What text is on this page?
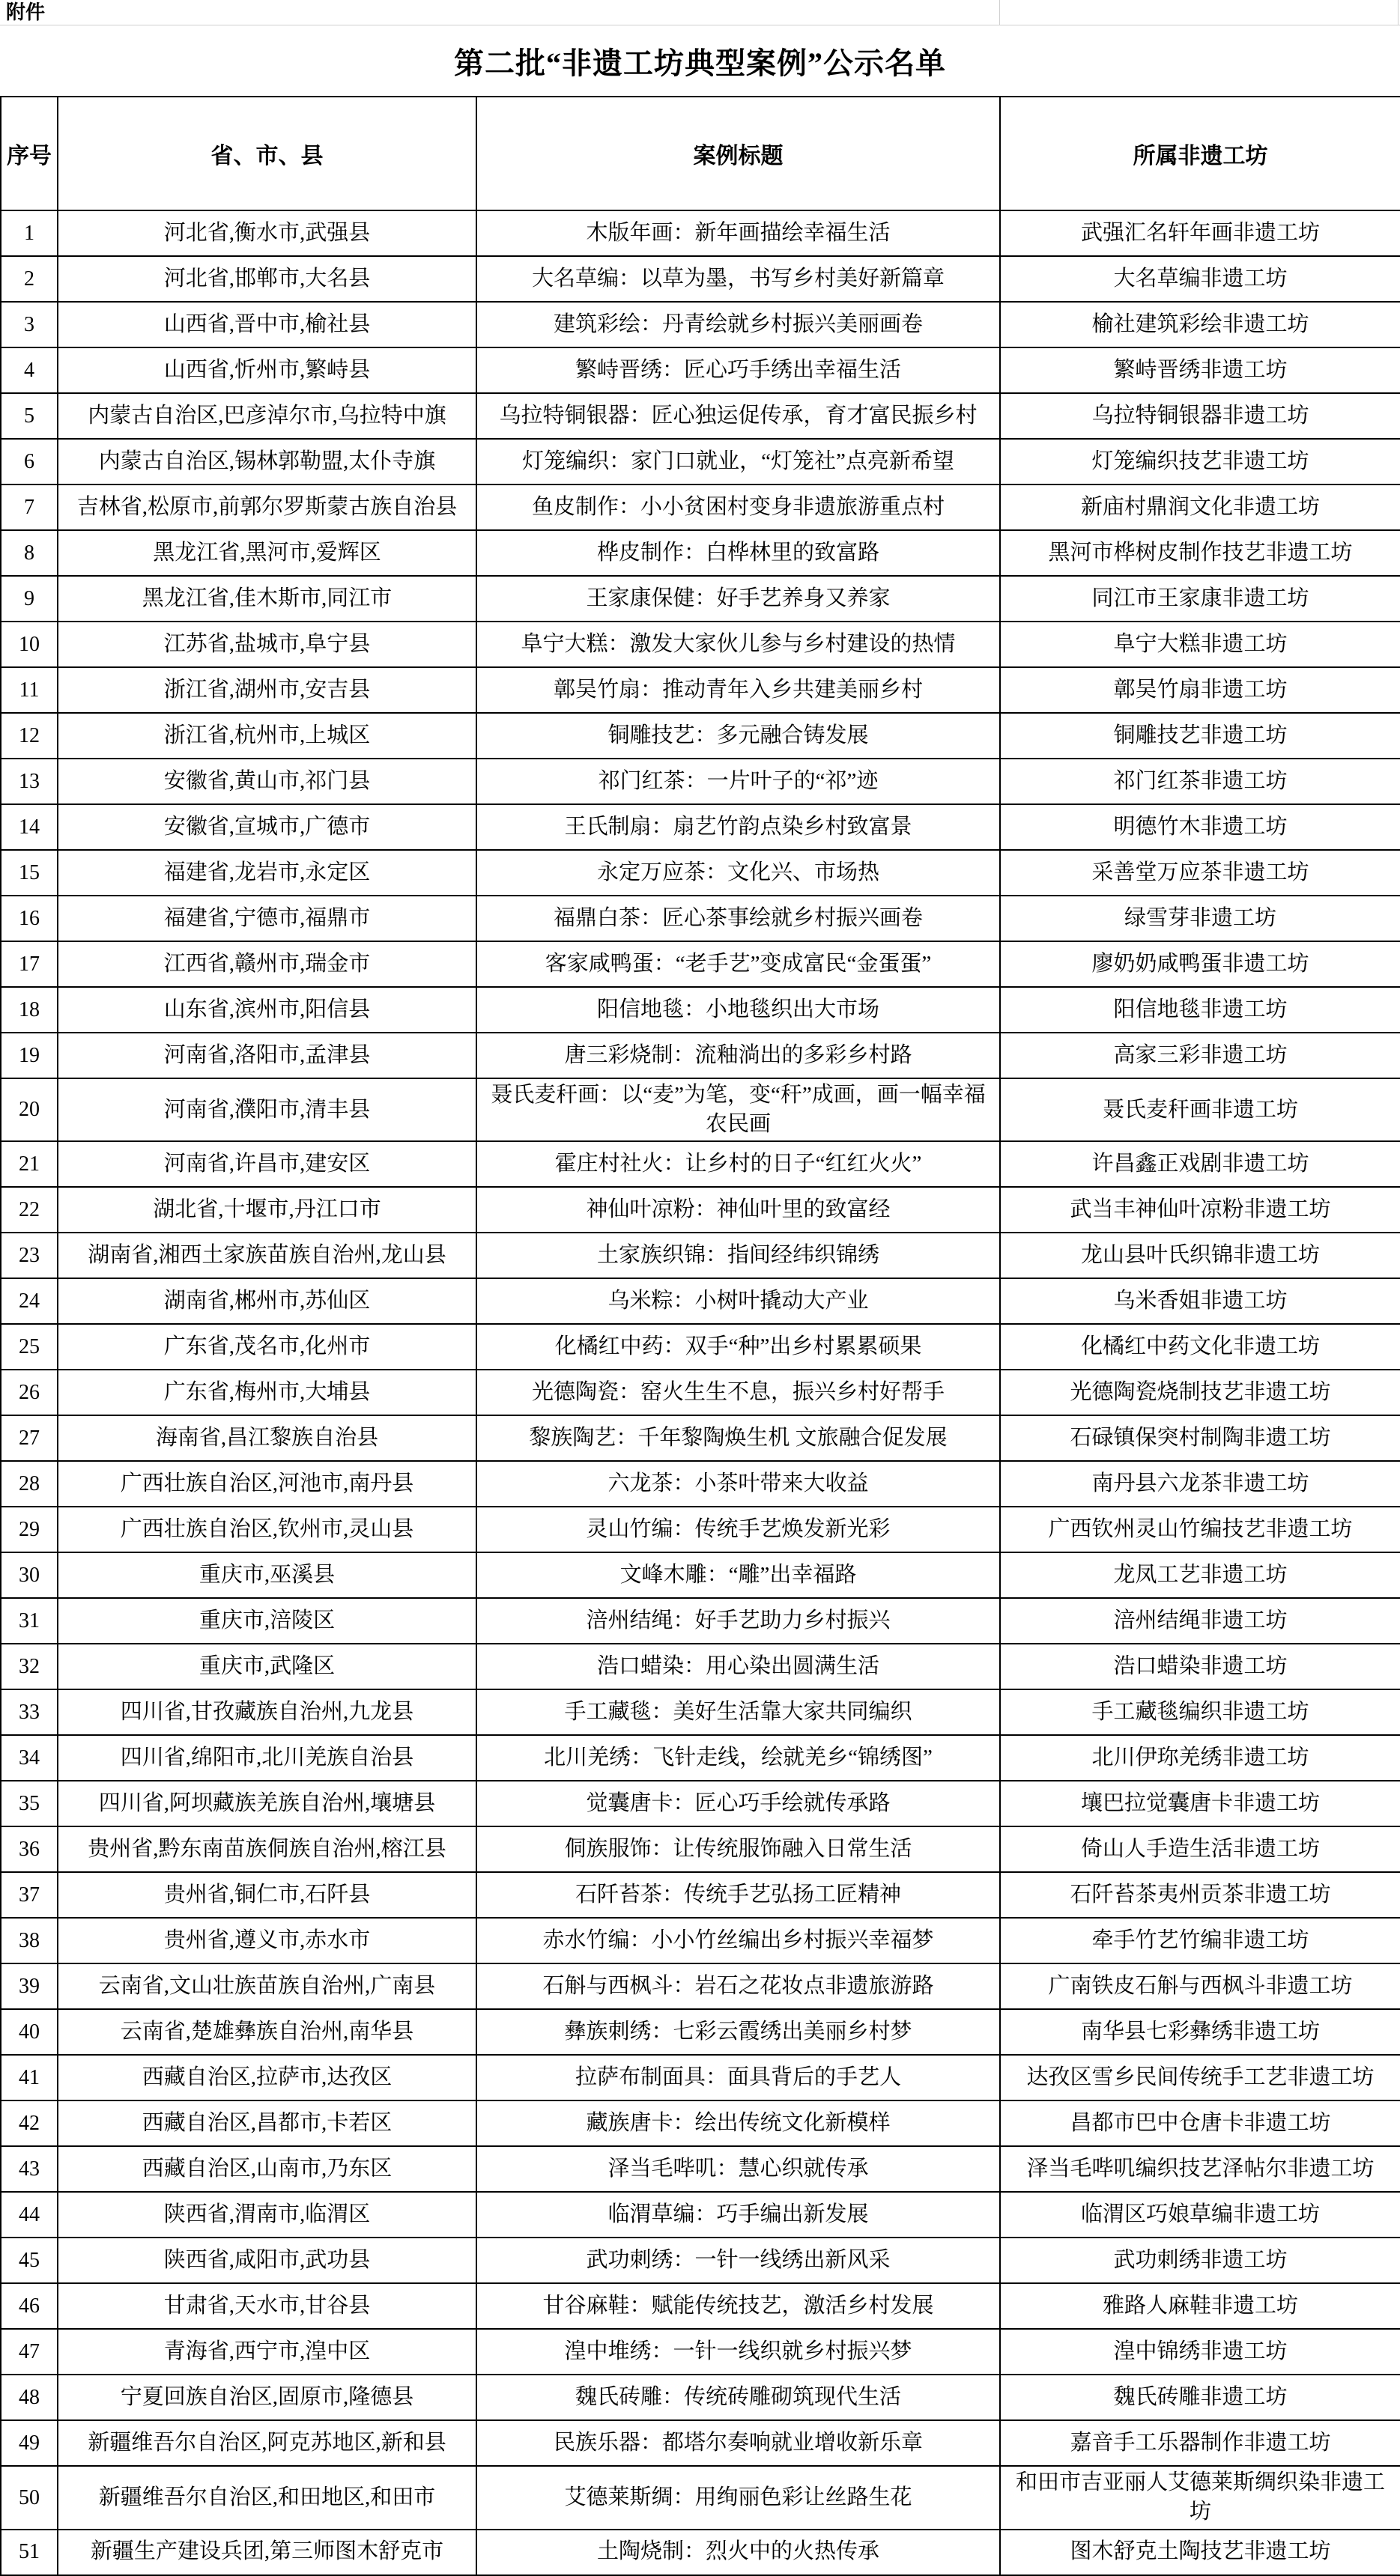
附件
第二批“非遗工坊典型案例”公示名单
序号	省、市、县	案例标题	所属非遗工坊
1	河北省,衡水市,武强县	木版年画：新年画描绘幸福生活	武强汇名轩年画非遗工坊
2	河北省,邯郸市,大名县	大名草编：以草为墨，书写乡村美好新篇章	大名草编非遗工坊
3	山西省,晋中市,榆社县	建筑彩绘：丹青绘就乡村振兴美丽画卷	榆社建筑彩绘非遗工坊
4	山西省,忻州市,繁峙县	繁峙晋绣：匠心巧手绣出幸福生活	繁峙晋绣非遗工坊
5	内蒙古自治区,巴彦淖尔市,乌拉特中旗	乌拉特铜银器：匠心独运促传承，育才富民振乡村	乌拉特铜银器非遗工坊
6	内蒙古自治区,锡林郭勒盟,太仆寺旗	灯笼编织：家门口就业，“灯笼社”点亮新希望	灯笼编织技艺非遗工坊
7	吉林省,松原市,前郭尔罗斯蒙古族自治县	鱼皮制作：小小贫困村变身非遗旅游重点村	新庙村鼎润文化非遗工坊
8	黑龙江省,黑河市,爱辉区	桦皮制作：白桦林里的致富路	黑河市桦树皮制作技艺非遗工坊
9	黑龙江省,佳木斯市,同江市	王家康保健：好手艺养身又养家	同江市王家康非遗工坊
10	江苏省,盐城市,阜宁县	阜宁大糕：激发大家伙儿参与乡村建设的热情	阜宁大糕非遗工坊
11	浙江省,湖州市,安吉县	鄣吴竹扇：推动青年入乡共建美丽乡村	鄣吴竹扇非遗工坊
12	浙江省,杭州市,上城区	铜雕技艺：多元融合铸发展	铜雕技艺非遗工坊
13	安徽省,黄山市,祁门县	祁门红茶：一片叶子的“祁”迹	祁门红茶非遗工坊
14	安徽省,宣城市,广德市	王氏制扇：扇艺竹韵点染乡村致富景	明德竹木非遗工坊
15	福建省,龙岩市,永定区	永定万应茶：文化兴、市场热	采善堂万应茶非遗工坊
16	福建省,宁德市,福鼎市	福鼎白茶：匠心茶事绘就乡村振兴画卷	绿雪芽非遗工坊
17	江西省,赣州市,瑞金市	客家咸鸭蛋：“老手艺”变成富民“金蛋蛋”	廖奶奶咸鸭蛋非遗工坊
18	山东省,滨州市,阳信县	阳信地毯：小地毯织出大市场	阳信地毯非遗工坊
19	河南省,洛阳市,孟津县	唐三彩烧制：流釉淌出的多彩乡村路	高家三彩非遗工坊
20	河南省,濮阳市,清丰县	聂氏麦秆画：以“麦”为笔，变“秆”成画，画一幅幸福农民画	聂氏麦秆画非遗工坊
21	河南省,许昌市,建安区	霍庄村社火：让乡村的日子“红红火火”	许昌鑫正戏剧非遗工坊
22	湖北省,十堰市,丹江口市	神仙叶凉粉：神仙叶里的致富经	武当丰神仙叶凉粉非遗工坊
23	湖南省,湘西土家族苗族自治州,龙山县	土家族织锦：指间经纬织锦绣	龙山县叶氏织锦非遗工坊
24	湖南省,郴州市,苏仙区	乌米粽：小树叶撬动大产业	乌米香姐非遗工坊
25	广东省,茂名市,化州市	化橘红中药：双手“种”出乡村累累硕果	化橘红中药文化非遗工坊
26	广东省,梅州市,大埔县	光德陶瓷：窑火生生不息，振兴乡村好帮手	光德陶瓷烧制技艺非遗工坊
27	海南省,昌江黎族自治县	黎族陶艺：千年黎陶焕生机 文旅融合促发展	石碌镇保突村制陶非遗工坊
28	广西壮族自治区,河池市,南丹县	六龙茶：小茶叶带来大收益	南丹县六龙茶非遗工坊
29	广西壮族自治区,钦州市,灵山县	灵山竹编：传统手艺焕发新光彩	广西钦州灵山竹编技艺非遗工坊
30	重庆市,巫溪县	文峰木雕：“雕”出幸福路	龙凤工艺非遗工坊
31	重庆市,涪陵区	涪州结绳：好手艺助力乡村振兴	涪州结绳非遗工坊
32	重庆市,武隆区	浩口蜡染：用心染出圆满生活	浩口蜡染非遗工坊
33	四川省,甘孜藏族自治州,九龙县	手工藏毯：美好生活靠大家共同编织	手工藏毯编织非遗工坊
34	四川省,绵阳市,北川羌族自治县	北川羌绣：飞针走线，绘就羌乡“锦绣图”	北川伊珎羌绣非遗工坊
35	四川省,阿坝藏族羌族自治州,壤塘县	觉囊唐卡：匠心巧手绘就传承路	壤巴拉觉囊唐卡非遗工坊
36	贵州省,黔东南苗族侗族自治州,榕江县	侗族服饰：让传统服饰融入日常生活	倚山人手造生活非遗工坊
37	贵州省,铜仁市,石阡县	石阡苔茶：传统手艺弘扬工匠精神	石阡苔茶夷州贡茶非遗工坊
38	贵州省,遵义市,赤水市	赤水竹编：小小竹丝编出乡村振兴幸福梦	牵手竹艺竹编非遗工坊
39	云南省,文山壮族苗族自治州,广南县	石斛与西枫斗：岩石之花妆点非遗旅游路	广南铁皮石斛与西枫斗非遗工坊
40	云南省,楚雄彝族自治州,南华县	彝族刺绣：七彩云霞绣出美丽乡村梦	南华县七彩彝绣非遗工坊
41	西藏自治区,拉萨市,达孜区	拉萨布制面具：面具背后的手艺人	达孜区雪乡民间传统手工艺非遗工坊
42	西藏自治区,昌都市,卡若区	藏族唐卡：绘出传统文化新模样	昌都市巴中仓唐卡非遗工坊
43	西藏自治区,山南市,乃东区	泽当毛哔叽：慧心织就传承	泽当毛哔叽编织技艺泽帖尔非遗工坊
44	陕西省,渭南市,临渭区	临渭草编：巧手编出新发展	临渭区巧娘草编非遗工坊
45	陕西省,咸阳市,武功县	武功刺绣：一针一线绣出新风采	武功刺绣非遗工坊
46	甘肃省,天水市,甘谷县	甘谷麻鞋：赋能传统技艺，激活乡村发展	雅路人麻鞋非遗工坊
47	青海省,西宁市,湟中区	湟中堆绣：一针一线织就乡村振兴梦	湟中锦绣非遗工坊
48	宁夏回族自治区,固原市,隆德县	魏氏砖雕：传统砖雕砌筑现代生活	魏氏砖雕非遗工坊
49	新疆维吾尔自治区,阿克苏地区,新和县	民族乐器：都塔尔奏响就业增收新乐章	嘉音手工乐器制作非遗工坊
50	新疆维吾尔自治区,和田地区,和田市	艾德莱斯绸：用绚丽色彩让丝路生花	和田市吉亚丽人艾德莱斯绸织染非遗工坊
51	新疆生产建设兵团,第三师图木舒克市	土陶烧制：烈火中的火热传承	图木舒克土陶技艺非遗工坊
